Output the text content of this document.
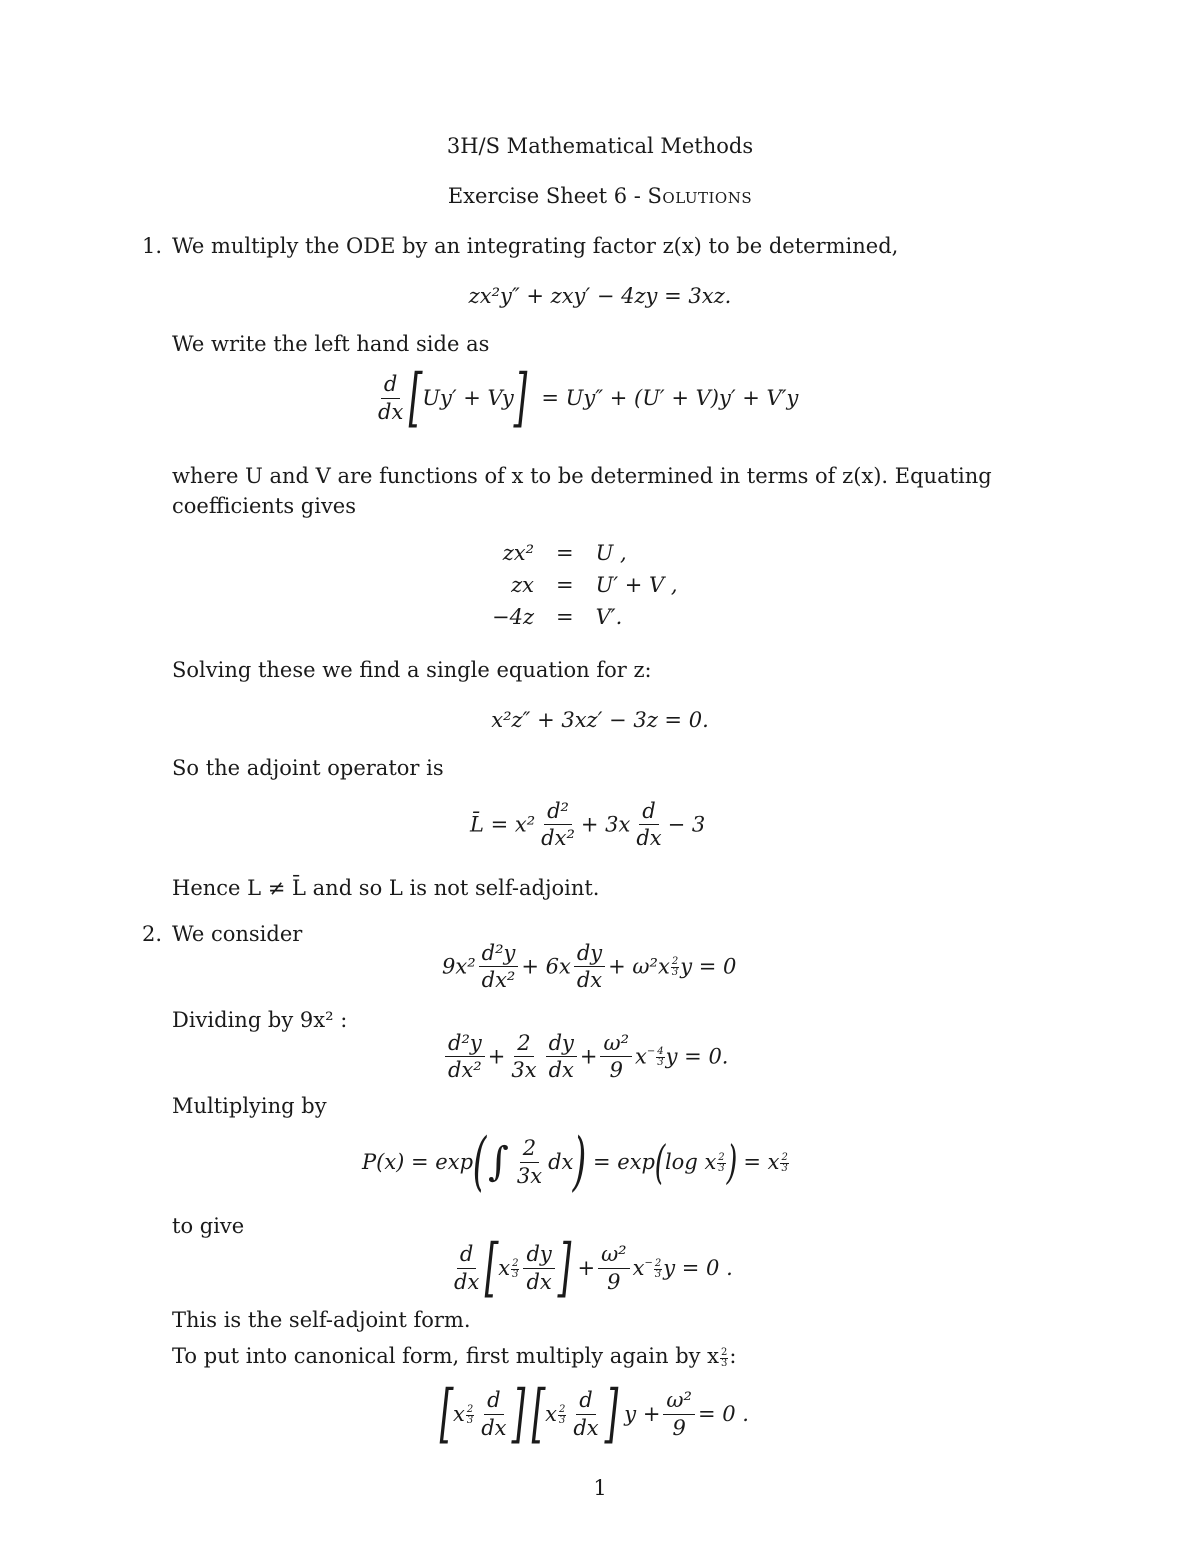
3H/S Mathematical Methods
Exercise Sheet 6 - Solutions
1. We multiply the ODE by an integrating factor z(x) to be determined,
zx²y″ + zxy′ − 4zy = 3xz.
We write the left hand side as
$\frac{d}{dx} [Uy' + Vy] = Uy'' + (U' + V)y' + V'y$
where U and V are functions of x to be determined in terms of z(x). Equating
coefficients gives
zx²	=	U ,
zx	=	U′ + V ,
−4z	=	V′.
Solving these we find a single equation for z:
x²z″ + 3xz′ − 3z = 0.
So the adjoint operator is
L̄ = $x^2 \frac{\text{d²}}{\text{dx²}} + 3x \frac{d}{dx} - 3$
Hence L ≠ L̄ and so L is not self-adjoint.
2. We consider
$9x^2 \frac{\text{d²y}}{\text{dx²}} + 6x \frac{dy}{dx} + \omega^2x \frac{2}{3}$ y = 0
Dividing by 9x² :
$\frac{\text{d²y}}{\text{dx²}} + \frac{2}{3x} \frac{dy}{dx} + \frac{\text{ω²}}{9} x^- \frac{4}{3}$ y = 0.
Multiplying by
$P(x) = \exp(\int \frac{2}{3x} dx) = \exp(\log$ x $\frac{2}{3}$ ) = x $\frac{2}{3}$
to give
$\frac{d}{dx} [x \frac{2}{3} \frac{dy}{dx}$ ] + $\frac{\text{ω²}}{9} x^- \frac{2}{3}$ y = 0 .
This is the self-adjoint form.
To put into canonical form, first multiply again by x $\frac{2}{3}$ :
[$x \frac{2}{3} \frac{d}{dx}$ ] [$x \frac{2}{3} \frac{d}{dx}$ ] $y + \frac{\text{ω²}}{9} = 0$ .
1
